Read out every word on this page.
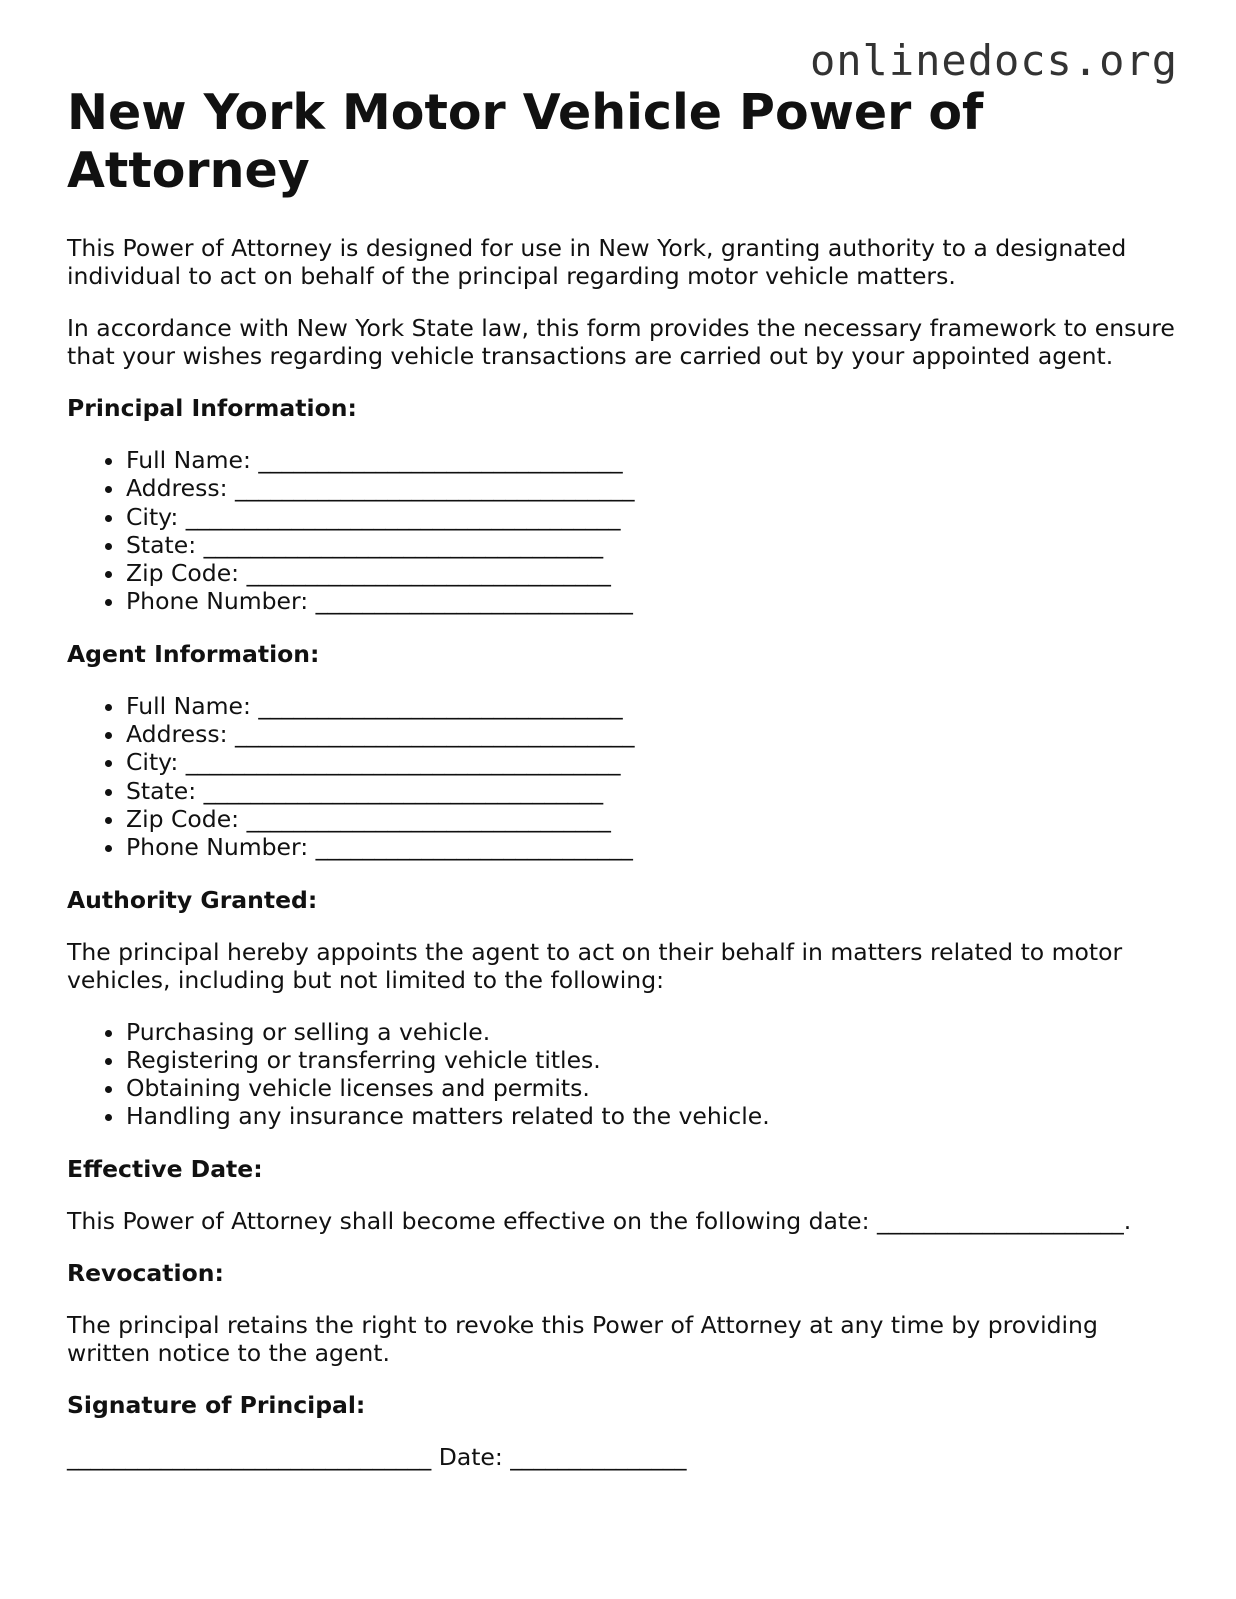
onlinedocs.org
New York Motor Vehicle Power of Attorney

This Power of Attorney is designed for use in New York, granting authority to a designated individual to act on behalf of the principal regarding motor vehicle matters.

In accordance with New York State law, this form provides the necessary framework to ensure that your wishes regarding vehicle transactions are carried out by your appointed agent.

Principal Information:
• Full Name: _______________________________
• Address: __________________________________
• City: _____________________________________
• State: __________________________________
• Zip Code: _______________________________
• Phone Number: ___________________________
Agent Information:
• Full Name: _______________________________
• Address: __________________________________
• City: _____________________________________
• State: __________________________________
• Zip Code: _______________________________
• Phone Number: ___________________________
Authority Granted:

The principal hereby appoints the agent to act on their behalf in matters related to motor vehicles, including but not limited to the following:

• Purchasing or selling a vehicle.
• Registering or transferring vehicle titles.
• Obtaining vehicle licenses and permits.
• Handling any insurance matters related to the vehicle.
Effective Date:

This Power of Attorney shall become effective on the following date: _____________________.

Revocation:

The principal retains the right to revoke this Power of Attorney at any time by providing written notice to the agent.

Signature of Principal:

_______________________________ Date: _______________
